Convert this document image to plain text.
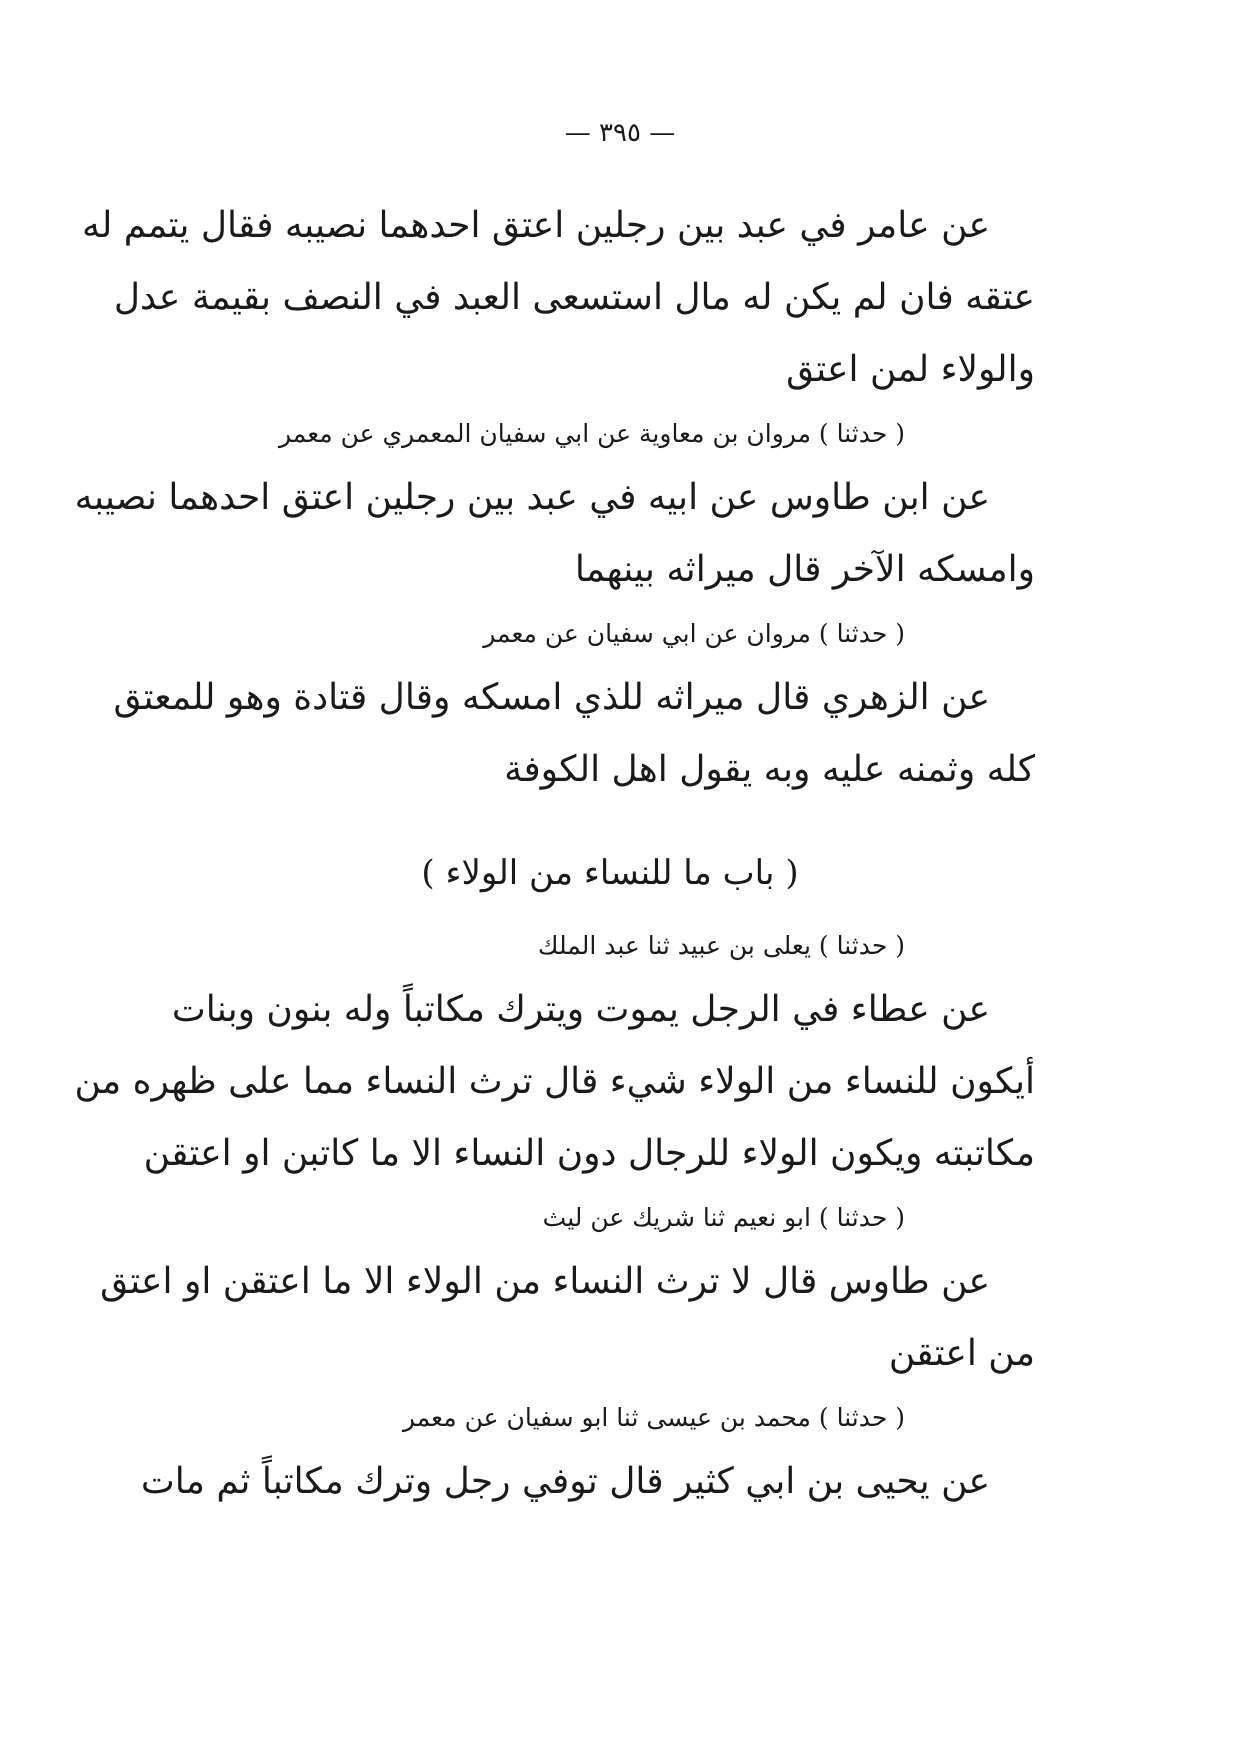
— ٣٩٥ —
عن عامر في عبد بين رجلين اعتق احدهما نصيبه فقال يتمم له
عتقه فان لم يكن له مال استسعى العبد في النصف بقيمة عدل
والولاء لمن اعتق
( حدثنا ) مروان بن معاوية عن ابي سفيان المعمري عن معمر
عن ابن طاوس عن ابيه في عبد بين رجلين اعتق احدهما نصيبه
وامسكه الآخر قال ميراثه بينهما
( حدثنا ) مروان عن ابي سفيان عن معمر
عن الزهري قال ميراثه للذي امسكه وقال قتادة وهو للمعتق
كله وثمنه عليه وبه يقول اهل الكوفة
( باب ما للنساء من الولاء )
( حدثنا ) يعلى بن عبيد ثنا عبد الملك
عن عطاء في الرجل يموت ويترك مكاتباً وله بنون وبنات
أيكون للنساء من الولاء شيء قال ترث النساء مما على ظهره من
مكاتبته ويكون الولاء للرجال دون النساء الا ما كاتبن او اعتقن
( حدثنا ) ابو نعيم ثنا شريك عن ليث
عن طاوس قال لا ترث النساء من الولاء الا ما اعتقن او اعتق
من اعتقن
( حدثنا ) محمد بن عيسى ثنا ابو سفيان عن معمر
عن يحيى بن ابي كثير قال توفي رجل وترك مكاتباً ثم مات
